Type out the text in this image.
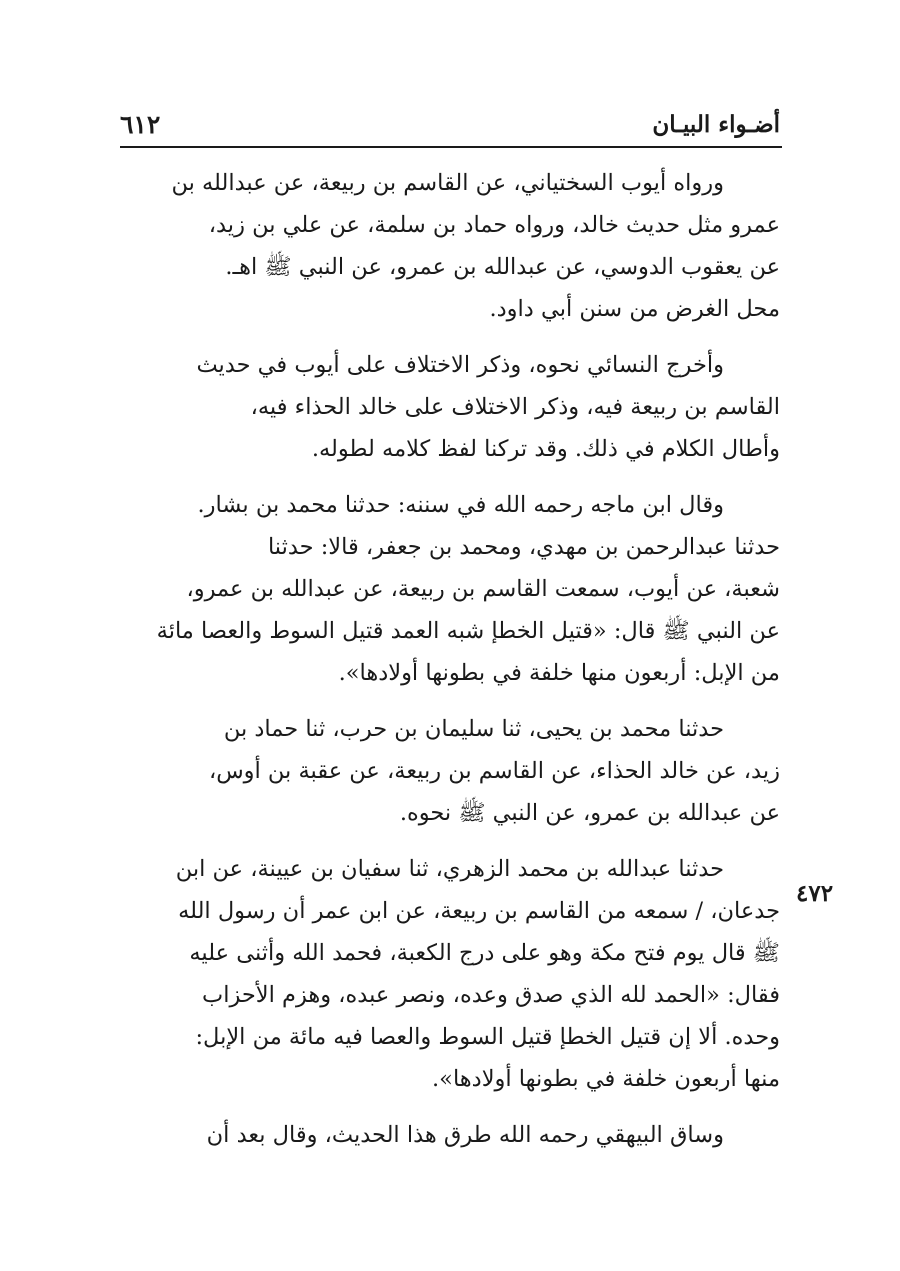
٦١٢	أضـواء البيـان
٤٧٢

ورواه أيوب السختياني، عن القاسم بن ربيعة، عن عبدالله بن
عمرو مثل حديث خالد، ورواه حماد بن سلمة، عن علي بن زيد،
عن يعقوب الدوسي، عن عبدالله بن عمرو، عن النبي ﷺ اهـ.
محل الغرض من سنن أبي داود.

وأخرج النسائي نحوه، وذكر الاختلاف على أيوب في حديث
القاسم بن ربيعة فيه، وذكر الاختلاف على خالد الحذاء فيه،
وأطال الكلام في ذلك. وقد تركنا لفظ كلامه لطوله.

وقال ابن ماجه رحمه الله في سننه: حدثنا محمد بن بشار.
حدثنا عبدالرحمن بن مهدي، ومحمد بن جعفر، قالا: حدثنا
شعبة، عن أيوب، سمعت القاسم بن ربيعة، عن عبدالله بن عمرو،
عن النبي ﷺ قال: «قتيل الخطإ شبه العمد قتيل السوط والعصا مائة
من الإبل: أربعون منها خلفة في بطونها أولادها».

حدثنا محمد بن يحيى، ثنا سليمان بن حرب، ثنا حماد بن
زيد، عن خالد الحذاء، عن القاسم بن ربيعة، عن عقبة بن أوس،
عن عبدالله بن عمرو، عن النبي ﷺ نحوه.

حدثنا عبدالله بن محمد الزهري، ثنا سفيان بن عيينة، عن ابن
جدعان، / سمعه من القاسم بن ربيعة، عن ابن عمر أن رسول الله
ﷺ قال يوم فتح مكة وهو على درج الكعبة، فحمد الله وأثنى عليه
فقال: «الحمد لله الذي صدق وعده، ونصر عبده، وهزم الأحزاب
وحده. ألا إن قتيل الخطإ قتيل السوط والعصا فيه مائة من الإبل:
منها أربعون خلفة في بطونها أولادها».

وساق البيهقي رحمه الله طرق هذا الحديث، وقال بعد أن
